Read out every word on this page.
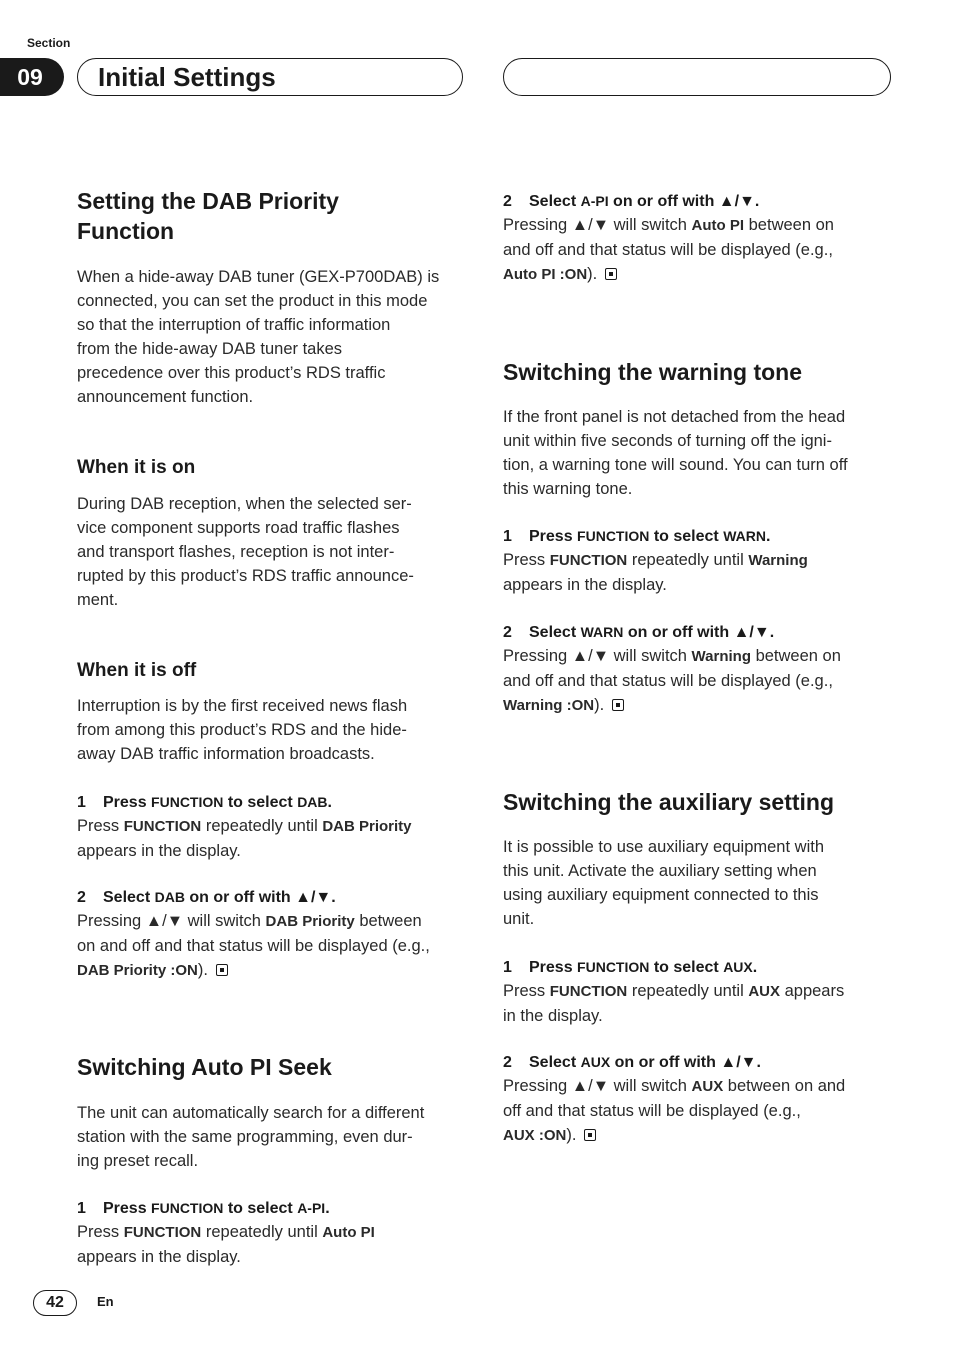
Section
09	Initial Settings
Setting the DAB Priority
Function
When a hide-away DAB tuner (GEX-P700DAB) is
connected, you can set the product in this mode
so that the interruption of traffic information
from the hide-away DAB tuner takes
precedence over this product’s RDS traffic
announcement function.
When it is on
During DAB reception, when the selected ser-
vice component supports road traffic flashes
and transport flashes, reception is not inter-
rupted by this product’s RDS traffic announce-
ment.
When it is off
Interruption is by the first received news flash
from among this product’s RDS and the hide-
away DAB traffic information broadcasts.
1 Press FUNCTION to select DAB.
Press FUNCTION repeatedly until DAB Priority
appears in the display.
2 Select DAB on or off with ▲/▼.
Pressing ▲/▼ will switch DAB Priority between
on and off and that status will be displayed (e.g.,
DAB Priority :ON).
Switching Auto PI Seek
The unit can automatically search for a different
station with the same programming, even dur-
ing preset recall.
1 Press FUNCTION to select A-PI.
Press FUNCTION repeatedly until Auto PI
appears in the display.
2 Select A-PI on or off with ▲/▼.
Pressing ▲/▼ will switch Auto PI between on
and off and that status will be displayed (e.g.,
Auto PI :ON).
Switching the warning tone
If the front panel is not detached from the head
unit within five seconds of turning off the igni-
tion, a warning tone will sound. You can turn off
this warning tone.
1 Press FUNCTION to select WARN.
Press FUNCTION repeatedly until Warning
appears in the display.
2 Select WARN on or off with ▲/▼.
Pressing ▲/▼ will switch Warning between on
and off and that status will be displayed (e.g.,
Warning :ON).
Switching the auxiliary setting
It is possible to use auxiliary equipment with
this unit. Activate the auxiliary setting when
using auxiliary equipment connected to this
unit.
1 Press FUNCTION to select AUX.
Press FUNCTION repeatedly until AUX appears
in the display.
2 Select AUX on or off with ▲/▼.
Pressing ▲/▼ will switch AUX between on and
off and that status will be displayed (e.g.,
AUX :ON).
42	En
